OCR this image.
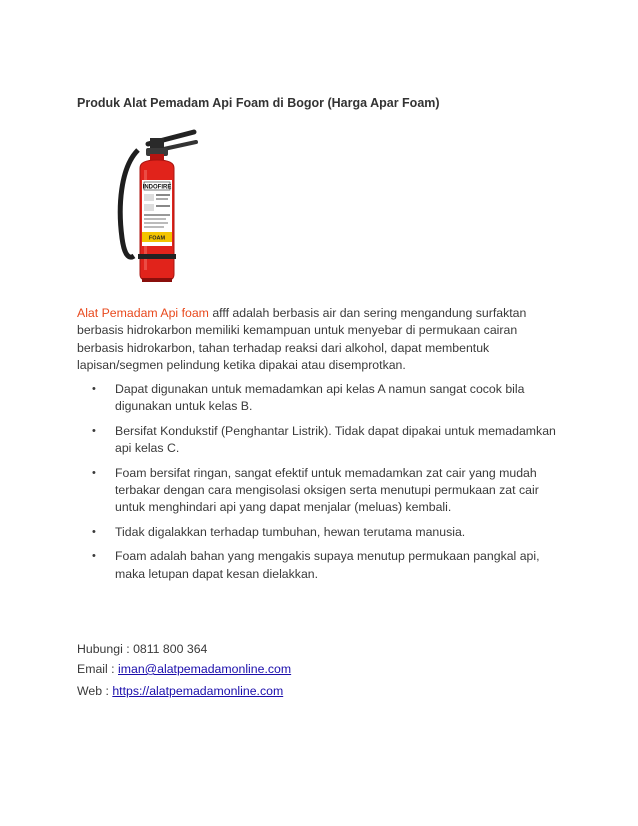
Produk Alat Pemadam Api Foam di Bogor (Harga Apar Foam)
INDOFIRE
FOAM
Alat Pemadam Api foam afff adalah berbasis air dan sering mengandung surfaktan berbasis hidrokarbon memiliki kemampuan untuk menyebar di permukaan cairan berbasis hidrokarbon, tahan terhadap reaksi dari alkohol, dapat membentuk lapisan/segmen pelindung ketika dipakai atau disemprotkan.
• Dapat digunakan untuk memadamkan api kelas A namun sangat cocok bila digunakan untuk kelas B.
• Bersifat Kondukstif (Penghantar Listrik). Tidak dapat dipakai untuk memadamkan api kelas C.
• Foam bersifat ringan, sangat efektif untuk memadamkan zat cair yang mudah terbakar dengan cara mengisolasi oksigen serta menutupi permukaan zat cair untuk menghindari api yang dapat menjalar (meluas) kembali.
• Tidak digalakkan terhadap tumbuhan, hewan terutama manusia.
• Foam adalah bahan yang mengakis supaya menutup permukaan pangkal api, maka letupan dapat kesan dielakkan.
Hubungi : 0811 800 364
Email : iman@alatpemadamonline.com
Web : https://alatpemadamonline.com
